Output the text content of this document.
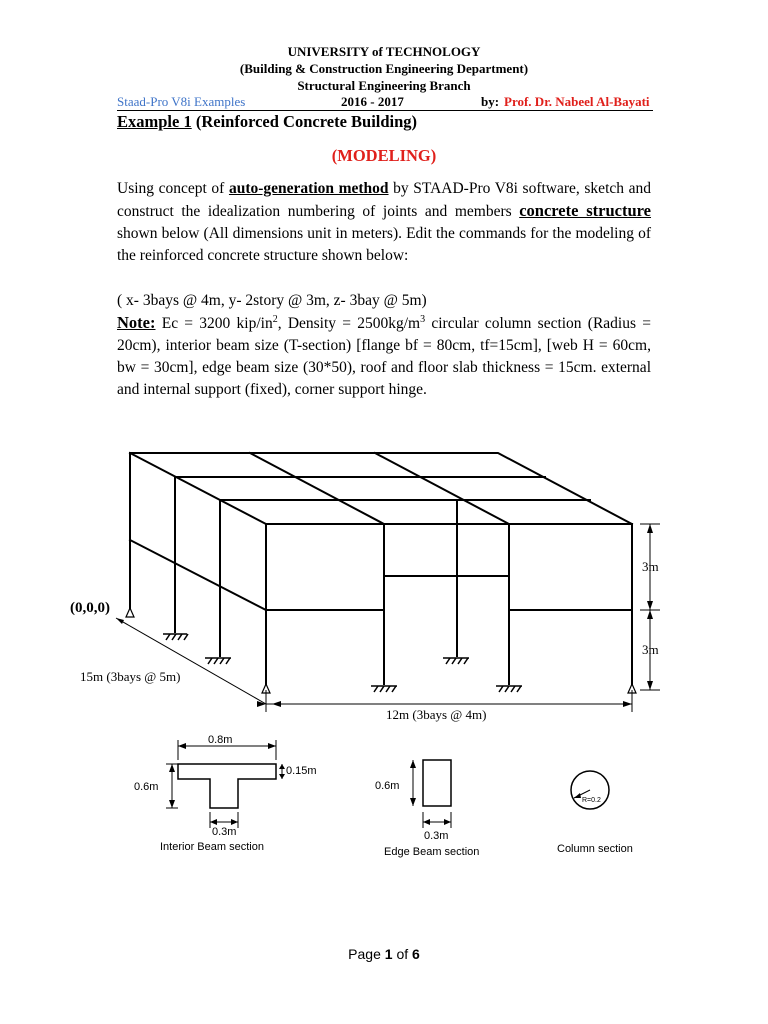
UNIVERSITY of TECHNOLOGY
(Building & Construction Engineering Department)
Structural Engineering Branch
Staad-Pro V8i Examples	2016 - 2017	by: Prof. Dr. Nabeel Al-Bayati
Example 1 (Reinforced Concrete Building)
(MODELING)
Using concept of auto-generation method by STAAD-Pro V8i software, sketch and construct the idealization numbering of joints and members concrete structure shown below (All dimensions unit in meters). Edit the commands for the modeling of the reinforced concrete structure shown below:
( x- 3bays @ 4m, y- 2story @ 3m, z- 3bay @ 5m)
Note: Ec = 3200 kip/$in^2$, Density = $2500kg/m^3$ circular column section (Radius = 20cm), interior beam size (T-section) [flange bf = 80cm, tf=15cm], [web H = 60cm, bw = 30cm], edge beam size (30*50), roof and floor slab thickness = 15cm. external and internal support (fixed), corner support hinge.
(0,0,0)
15m (3bays @ 5m)
12m (3bays @ 4m)
3m
3m
0.8m
0.15m
0.6m
0.3m
Interior Beam section
0.6m
0.3m
Edge Beam section
R=0.2
Column section
Page 1 of 6
